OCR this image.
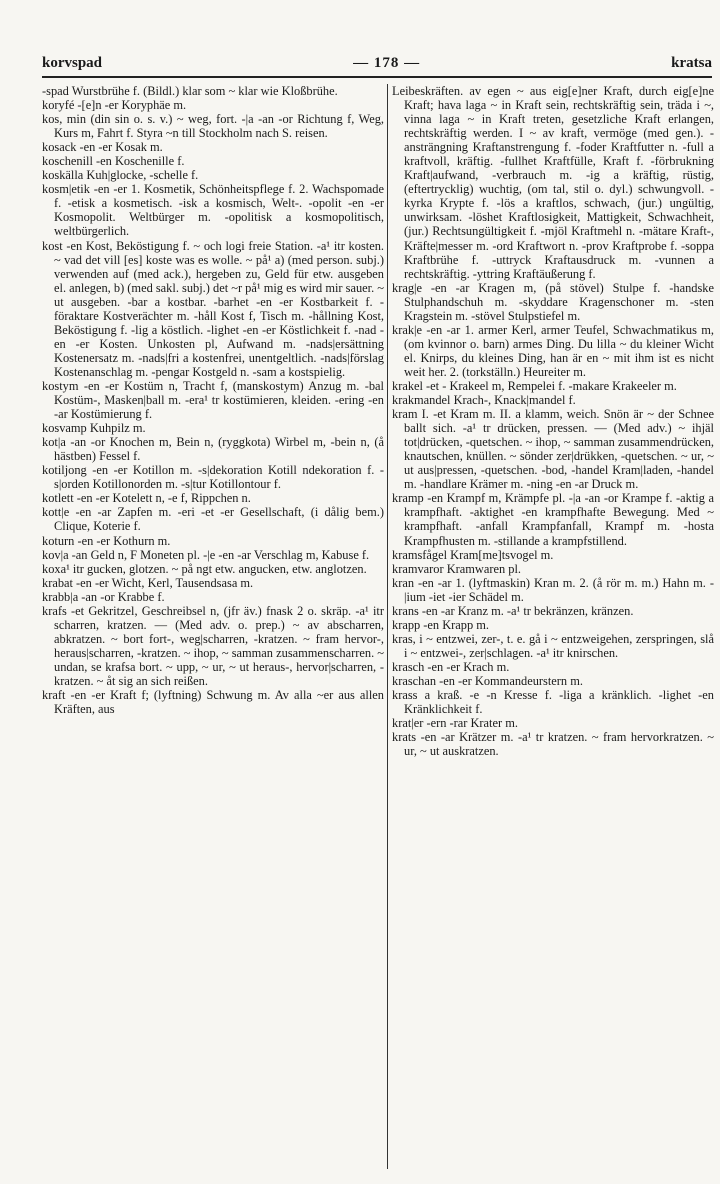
korvspad	— 178 —	kratsa

-spad Wurstbrühe f. (Bildl.) klar som ~ klar wie Kloßbrühe.

koryfé -[e]n -er Koryphäe m.

kos, min (din sin o. s. v.) ~ weg, fort. -|a -an -or Richtung f, Weg, Kurs m, Fahrt f. Styra ~n till Stockholm nach S. reisen.

kosack -en -er Kosak m.

koschenill -en Koschenille f.

koskälla Kuh|glocke, -schelle f.

kosm|etik -en -er 1. Kosmetik, Schönheitspflege f. 2. Wachspomade f. -etisk a kosmetisch. -isk a kosmisch, Welt-. -opolit -en -er Kosmopolit. Weltbürger m. -opolitisk a kosmopolitisch, weltbürgerlich.

kost -en Kost, Beköstigung f. ~ och logi freie Station. -a¹ itr kosten. ~ vad det vill [es] koste was es wolle. ~ på¹ a) (med person. subj.) verwenden auf (med ack.), hergeben zu, Geld für etw. ausgeben el. anlegen, b) (med sakl. subj.) det ~r på¹ mig es wird mir sauer. ~ ut ausgeben. -bar a kostbar. -barhet -en -er Kostbarkeit f. -föraktare Kostverächter m. -håll Kost f, Tisch m. -hållning Kost, Beköstigung f. -lig a köstlich. -lighet -en -er Köstlichkeit f. -nad -en -er Kosten. Unkosten pl, Aufwand m. -nads|ersättning Kostenersatz m. -nads|fri a kostenfrei, unentgeltlich. -nads|förslag Kostenanschlag m. -pengar Kostgeld n. -sam a kostspielig.

kostym -en -er Kostüm n, Tracht f, (manskostym) Anzug m. -bal Kostüm-, Masken|ball m. -era¹ tr kostümieren, kleiden. -ering -en -ar Kostümierung f.

kosvamp Kuhpilz m.

kot|a -an -or Knochen m, Bein n, (ryggkota) Wirbel m, -bein n, (å hästben) Fessel f.

kotiljong -en -er Kotillon m. -s|dekoration Kotill ndekoration f. -s|orden Kotillonorden m. -s|tur Kotillontour f.

kotlett -en -er Kotelett n, -e f, Rippchen n.

kott|e -en -ar Zapfen m. -eri -et -er Gesellschaft, (i dålig bem.) Clique, Koterie f.

koturn -en -er Kothurn m.

kov|a -an Geld n, F Moneten pl. -|e -en -ar Verschlag m, Kabuse f.

koxa¹ itr gucken, glotzen. ~ på ngt etw. angucken, etw. anglotzen.

krabat -en -er Wicht, Kerl, Tausendsasa m.

krabb|a -an -or Krabbe f.

krafs -et Gekritzel, Geschreibsel n, (jfr äv.) fnask 2 o. skräp. -a¹ itr scharren, kratzen. — (Med adv. o. prep.) ~ av abscharren, abkratzen. ~ bort fort-, weg|scharren, -kratzen. ~ fram hervor-, heraus|scharren, -kratzen. ~ ihop, ~ samman zusammenscharren. ~ undan, se krafsa bort. ~ upp, ~ ur, ~ ut heraus-, hervor|scharren, -kratzen. ~ åt sig an sich reißen.

kraft -en -er Kraft f; (lyftning) Schwung m. Av alla ~er aus allen Kräften, aus

Leibeskräften. av egen ~ aus eig[e]ner Kraft, durch eig[e]ne Kraft; hava laga ~ in Kraft sein, rechtskräftig sein, träda i ~, vinna laga ~ in Kraft treten, gesetzliche Kraft erlangen, rechtskräftig werden. I ~ av kraft, vermöge (med gen.). -ansträngning Kraftanstrengung f. -foder Kraftfutter n. -full a kraftvoll, kräftig. -fullhet Kraftfülle, Kraft f. -förbrukning Kraft|aufwand, -verbrauch m. -ig a kräftig, rüstig, (eftertrycklig) wuchtig, (om tal, stil o. dyl.) schwungvoll. -kyrka Krypte f. -lös a kraftlos, schwach, (jur.) ungültig, unwirksam. -löshet Kraftlosigkeit, Mattigkeit, Schwachheit, (jur.) Rechtsungültigkeit f. -mjöl Kraftmehl n. -mätare Kraft-, Kräfte|messer m. -ord Kraftwort n. -prov Kraftprobe f. -soppa Kraftbrühe f. -uttryck Kraftausdruck m. -vunnen a rechtskräftig. -yttring Kraftäußerung f.

krag|e -en -ar Kragen m, (på stövel) Stulpe f. -handske Stulphandschuh m. -skyddare Kragenschoner m. -sten Kragstein m. -stövel Stulpstiefel m.

krak|e -en -ar 1. armer Kerl, armer Teufel, Schwachmatikus m, (om kvinnor o. barn) armes Ding. Du lilla ~ du kleiner Wicht el. Knirps, du kleines Ding, han är en ~ mit ihm ist es nicht weit her. 2. (torkställn.) Heureiter m.

krakel -et - Krakeel m, Rempelei f. -makare Krakeeler m.

krakmandel Krach-, Knack|mandel f.

kram I. -et Kram m. II. a klamm, weich. Snön är ~ der Schnee ballt sich. -a¹ tr drücken, pressen. — (Med adv.) ~ ihjäl tot|drücken, -quetschen. ~ ihop, ~ samman zusammendrücken, knautschen, knüllen. ~ sönder zer|drükken, -quetschen. ~ ur, ~ ut aus|pressen, -quetschen. -bod, -handel Kram|laden, -handel m. -handlare Krämer m. -ning -en -ar Druck m.

kramp -en Krampf m, Krämpfe pl. -|a -an -or Krampe f. -aktig a krampfhaft. -aktighet -en krampfhafte Bewegung. Med ~ krampfhaft. -anfall Krampfanfall, Krampf m. -hosta Krampfhusten m. -stillande a krampfstillend.

kramsfågel Kram[me]tsvogel m.

kramvaror Kramwaren pl.

kran -en -ar 1. (lyftmaskin) Kran m. 2. (å rör m. m.) Hahn m. -|ium -iet -ier Schädel m.

krans -en -ar Kranz m. -a¹ tr bekränzen, kränzen.

krapp -en Krapp m.

kras, i ~ entzwei, zer-, t. e. gå i ~ entzweigehen, zerspringen, slå i ~ entzwei-, zer|schlagen. -a¹ itr knirschen.

krasch -en -er Krach m.

kraschan -en -er Kommandeurstern m.

krass a kraß. -e -n Kresse f. -liga a kränklich. -lighet -en Kränklichkeit f.

krat|er -ern -rar Krater m.

krats -en -ar Krätzer m. -a¹ tr kratzen. ~ fram hervorkratzen. ~ ur, ~ ut auskratzen.
